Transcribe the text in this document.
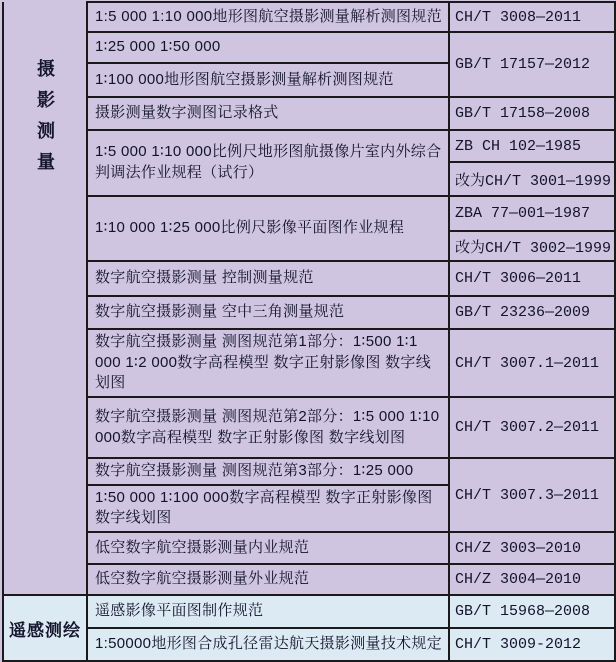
摄影测量	1:5 000 1:10 000地形图航空摄影测量解析测图规范	CH/T 3008—2011
	1∶25 000 1∶50 000	GB/T 17157—2012
	1∶100 000地形图航空摄影测量解析测图规范	
	摄影测量数字测图记录格式	GB/T 17158—2008
	1∶5 000 1∶10 000比例尺地形图航摄像片室内外综合判调法作业规程（试行）	ZB CH 102—1985
		改为CH/T 3001—1999
	1∶10 000 1∶25 000比例尺影像平面图作业规程	ZBA 77—001—1987
		改为CH/T 3002—1999
	数字航空摄影测量 控制测量规范	CH/T 3006—2011
	数字航空摄影测量 空中三角测量规范	GB/T 23236—2009
	数字航空摄影测量 测图规范第1部分：1∶500 1∶1 000 1∶2 000数字高程模型 数字正射影像图 数字线划图	CH/T 3007.1—2011
	数字航空摄影测量 测图规范第2部分：1∶5 000 1∶10 000数字高程模型 数字正射影像图 数字线划图	CH/T 3007.2—2011
	数字航空摄影测量 测图规范第3部分：1∶25 000	CH/T 3007.3—2011
	1∶50 000 1∶100 000数字高程模型 数字正射影像图 数字线划图	
	低空数字航空摄影测量内业规范	CH/Z 3003—2010
	低空数字航空摄影测量外业规范	CH/Z 3004—2010
遥感测绘	遥感影像平面图制作规范	GB/T 15968—2008
	1:50000地形图合成孔径雷达航天摄影测量技术规定	CH/T 3009-2012
